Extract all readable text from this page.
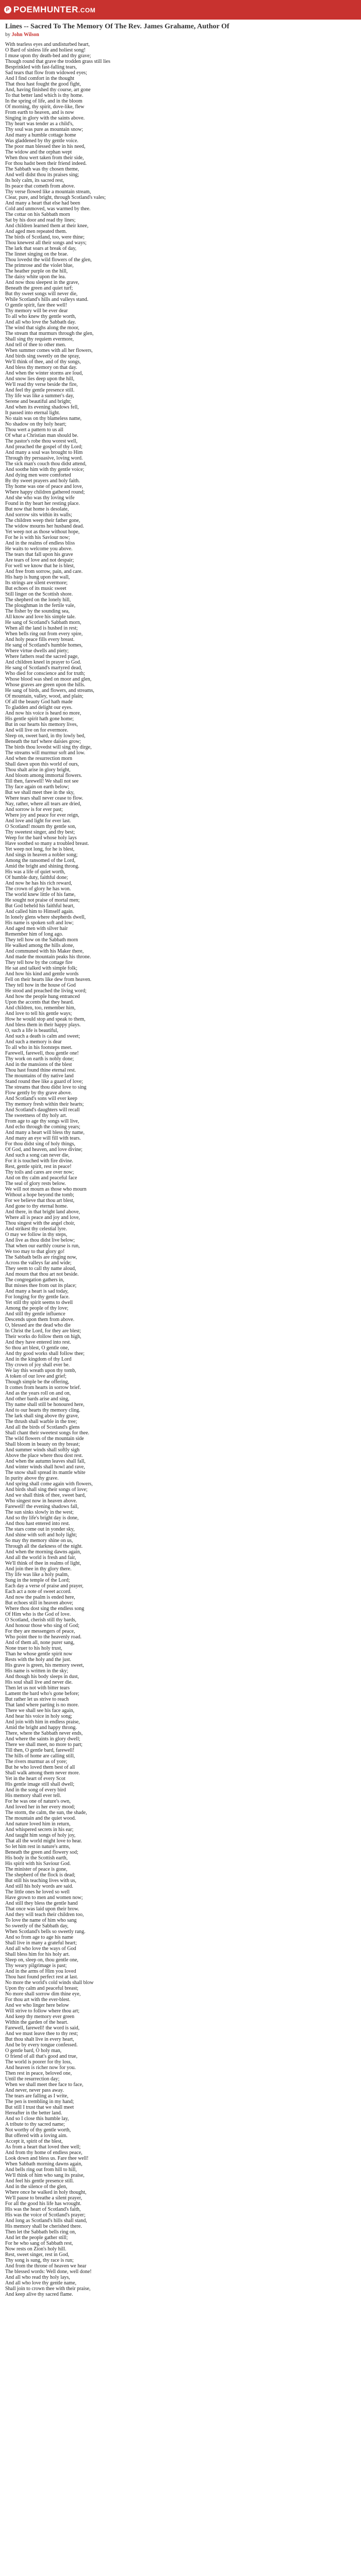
P POEMHUNTER.COM
Lines -- Sacred To The Memory Of The Rev. James Grahame, Author Of
by John Wilson
With tearless eyes and undisturbed heart,
O Bard of sinless life and holiest song!
I muse upon thy death-bed and thy grave;
Though round that grave the trodden grass still lies
Besprinkled with fast-falling tears,
Sad tears that flow from widowed eyes;
And I find comfort in the thought
That thou hast fought the good fight,
And, having finished thy course, art gone
To that better land which is thy home.
In the spring of life, and in the bloom
Of morning, thy spirit, dove-like, flew
From earth to heaven, and is now
Singing in glory with the saints above.
Thy heart was tender as a child's,
Thy soul was pure as mountain snow;
And many a humble cottage home
Was gladdened by thy gentle voice.
The poor man blessed thee in his need,
The widow and the orphan wept
When thou wert taken from their side,
For thou hadst been their friend indeed.
The Sabbath was thy chosen theme,
And well didst thou its praises sing;
Its holy calm, its sacred rest,
Its peace that cometh from above.
Thy verse flowed like a mountain stream,
Clear, pure, and bright, through Scotland's vales;
And many a heart that else had been
Cold and unmoved, was warmed by thee.
The cottar on his Sabbath morn
Sat by his door and read thy lines;
And children learned them at their knee,
And aged men repeated them.
The birds of Scotland, too, were thine;
Thou knewest all their songs and ways;
The lark that soars at break of day,
The linnet singing on the brae.
Thou lovedst the wild flowers of the glen,
The primrose and the violet blue,
The heather purple on the hill,
The daisy white upon the lea.
And now thou sleepest in the grave,
Beneath the green and quiet turf;
But thy sweet songs will never die,
While Scotland's hills and valleys stand.
O gentle spirit, fare thee well!
Thy memory will be ever dear
To all who knew thy gentle worth,
And all who love the Sabbath day.
The wind that sighs along the moor,
The stream that murmurs through the glen,
Shall sing thy requiem evermore,
And tell of thee to other men.
When summer comes with all her flowers,
And birds sing sweetly on the spray,
We'll think of thee, and of thy songs,
And bless thy memory on that day.
And when the winter storms are loud,
And snow lies deep upon the hill,
We'll read thy verse beside the fire,
And feel thy gentle presence still.
Thy life was like a summer's day,
Serene and beautiful and bright;
And when its evening shadows fell,
It passed into eternal light.
No stain was on thy blameless name,
No shadow on thy holy heart;
Thou wert a pattern to us all
Of what a Christian man should be.
The pastor's robe thou worest well,
And preached the gospel of thy Lord;
And many a soul was brought to Him
Through thy persuasive, loving word.
The sick man's couch thou didst attend,
And soothe him with thy gentle voice;
And dying men were comforted
By thy sweet prayers and holy faith.
Thy home was one of peace and love,
Where happy children gathered round;
And she who was thy loving wife
Found in thy heart her resting place.
But now that home is desolate,
And sorrow sits within its walls;
The children weep their father gone,
The widow mourns her husband dead.
Yet weep not as those without hope,
For he is with his Saviour now;
And in the realms of endless bliss
He waits to welcome you above.
The tears that fall upon his grave
Are tears of love and not despair;
For well we know that he is blest,
And free from sorrow, pain, and care.
His harp is hung upon the wall,
Its strings are silent evermore;
But echoes of its music sweet
Still linger on the Scottish shore.
The shepherd on the lonely hill,
The ploughman in the fertile vale,
The fisher by the sounding sea,
All know and love his simple tale.
He sang of Scotland's Sabbath morn,
When all the land is hushed in rest;
When bells ring out from every spire,
And holy peace fills every breast.
He sang of Scotland's humble homes,
Where virtue dwells and piety;
Where fathers read the sacred page,
And children kneel in prayer to God.
He sang of Scotland's martyred dead,
Who died for conscience and for truth;
Whose blood was shed on moor and glen,
Whose graves are green upon the hills.
He sang of birds, and flowers, and streams,
Of mountain, valley, wood, and plain;
Of all the beauty God hath made
To gladden and delight our eyes.
And now his voice is heard no more,
His gentle spirit hath gone home;
But in our hearts his memory lives,
And will live on for evermore.
Sleep on, sweet bard, in thy lowly bed,
Beneath the turf where daisies grow;
The birds thou lovedst will sing thy dirge,
The streams will murmur soft and low.
And when the resurrection morn
Shall dawn upon this world of ours,
Thou shalt arise in glory bright,
And bloom among immortal flowers.
Till then, farewell! We shall not see
Thy face again on earth below;
But we shall meet thee in the sky,
Where tears shall never cease to flow.
Nay, rather, where all tears are dried,
And sorrow is for ever past;
Where joy and peace for ever reign,
And love and light for ever last.
O Scotland! mourn thy gentle son,
Thy sweetest singer, and thy best;
Weep for the bard whose holy lays
Have soothed so many a troubled breast.
Yet weep not long, for he is blest,
And sings in heaven a nobler song;
Among the ransomed of the Lord,
Amid the bright and shining throng.
His was a life of quiet worth,
Of humble duty, faithful done;
And now he has his rich reward,
The crown of glory he has won.
The world knew little of his fame,
He sought not praise of mortal men;
But God beheld his faithful heart,
And called him to Himself again.
In lonely glens where shepherds dwell,
His name is spoken soft and low;
And aged men with silver hair
Remember him of long ago.
They tell how on the Sabbath morn
He walked among the hills alone,
And communed with his Maker there,
And made the mountain peaks his throne.
They tell how by the cottage fire
He sat and talked with simple folk;
And how his kind and gentle words
Fell on their hearts like dew from heaven.
They tell how in the house of God
He stood and preached the living word;
And how the people hung entranced
Upon the accents that they heard.
And children, too, remember him,
And love to tell his gentle ways;
How he would stop and speak to them,
And bless them in their happy plays.
O, such a life is beautiful,
And such a death is calm and sweet;
And such a memory is dear
To all who in his footsteps meet.
Farewell, farewell, thou gentle one!
Thy work on earth is nobly done;
And in the mansions of the blest
Thou hast found thine eternal rest.
The mountains of thy native land
Stand round thee like a guard of love;
The streams that thou didst love to sing
Flow gently by thy grave above.
And Scotland's sons will ever keep
Thy memory fresh within their hearts;
And Scotland's daughters will recall
The sweetness of thy holy art.
From age to age thy songs will live,
And echo through the coming years;
And many a heart will bless thy name,
And many an eye will fill with tears.
For thou didst sing of holy things,
Of God, and heaven, and love divine;
And such a song can never die,
For it is touched with fire divine.
Rest, gentle spirit, rest in peace!
Thy toils and cares are over now;
And on thy calm and peaceful face
The seal of glory rests below.
We will not mourn as those who mourn
Without a hope beyond the tomb;
For we believe that thou art blest,
And gone to thy eternal home.
And there, in that bright land above,
Where all is peace and joy and love,
Thou singest with the angel choir,
And strikest thy celestial lyre.
O may we follow in thy steps,
And live as thou didst live below;
That when our earthly course is run,
We too may to that glory go!
The Sabbath bells are ringing now,
Across the valleys far and wide;
They seem to call thy name aloud,
And mourn that thou art not beside.
The congregation gathers in,
But misses thee from out its place;
And many a heart is sad today,
For longing for thy gentle face.
Yet still thy spirit seems to dwell
Among the people of thy love;
And still thy gentle influence
Descends upon them from above.
O, blessed are the dead who die
In Christ the Lord, for they are blest;
Their works do follow them on high,
And they have entered into rest.
So thou art blest, O gentle one,
And thy good works shall follow thee;
And in the kingdom of thy Lord
Thy crown of joy shall ever be.
We lay this wreath upon thy tomb,
A token of our love and grief;
Though simple be the offering,
It comes from hearts in sorrow brief.
And as the years roll on and on,
And other bards arise and sing,
Thy name shall still be honoured here,
And to our hearts thy memory cling.
The lark shall sing above thy grave,
The thrush shall warble in the tree;
And all the birds of Scotland's glens
Shall chant their sweetest songs for thee.
The wild flowers of the mountain side
Shall bloom in beauty on thy breast;
And summer winds shall softly sigh
Above the place where thou dost rest.
And when the autumn leaves shall fall,
And winter winds shall howl and rave,
The snow shall spread its mantle white
In purity above thy grave.
And spring shall come again with flowers,
And birds shall sing their songs of love;
And we shall think of thee, sweet bard,
Who singest now in heaven above.
Farewell! the evening shadows fall,
The sun sinks slowly in the west;
And so thy life's bright day is done,
And thou hast entered into rest.
The stars come out in yonder sky,
And shine with soft and holy light;
So may thy memory shine on us,
Through all the darkness of the night.
And when the morning dawns again,
And all the world is fresh and fair,
We'll think of thee in realms of light,
And join thee in thy glory there.
Thy life was like a holy psalm,
Sung in the temple of the Lord;
Each day a verse of praise and prayer,
Each act a note of sweet accord.
And now the psalm is ended here,
But echoes still in heaven above;
Where thou dost sing the endless song
Of Him who is the God of love.
O Scotland, cherish still thy bards,
And honour those who sing of God;
For they are messengers of peace,
Who point thee to the heavenly road.
And of them all, none purer sang,
None truer to his holy trust,
Than he whose gentle spirit now
Rests with the holy and the just.
His grave is green, his memory sweet,
His name is written in the sky;
And though his body sleeps in dust,
His soul shall live and never die.
Then let us not with bitter tears
Lament the bard who's gone before;
But rather let us strive to reach
That land where parting is no more.
There we shall see his face again,
And hear his voice in holy song;
And join with him in endless praise,
Amid the bright and happy throng.
There, where the Sabbath never ends,
And where the saints in glory dwell;
There we shall meet, no more to part;
Till then, O gentle bard, farewell!
The hills of home are calling still,
The rivers murmur as of yore;
But he who loved them best of all
Shall walk among them never more.
Yet in the heart of every Scot
His gentle image still shall dwell;
And in the song of every bird
His memory shall ever tell.
For he was one of nature's own,
And loved her in her every mood;
The storm, the calm, the sun, the shade,
The mountain and the quiet wood.
And nature loved him in return,
And whispered secrets in his ear;
And taught him songs of holy joy,
That all the world might love to hear.
So let him rest in nature's arms,
Beneath the green and flowery sod;
His body in the Scottish earth,
His spirit with his Saviour God.
The minister of peace is gone,
The shepherd of the flock is dead;
But still his teaching lives with us,
And still his holy words are said.
The little ones he loved so well
Have grown to men and women now;
And still they bless the gentle hand
That once was laid upon their brow.
And they will teach their children too,
To love the name of him who sang
So sweetly of the Sabbath day,
When Scotland's bells so sweetly rang.
And so from age to age his name
Shall live in many a grateful heart;
And all who love the ways of God
Shall bless him for his holy art.
Sleep on, sleep on, thou gentle one,
Thy weary pilgrimage is past;
And in the arms of Him you loved
Thou hast found perfect rest at last.
No more the world's cold winds shall blow
Upon thy calm and peaceful breast;
No more shall sorrow dim thine eye,
For thou art with the ever-blest.
And we who linger here below
Will strive to follow where thou art;
And keep thy memory ever green
Within the garden of the heart.
Farewell, farewell! the word is said,
And we must leave thee to thy rest;
But thou shalt live in every heart,
And be by every tongue confessed.
O gentle bard, O holy man,
O friend of all that's good and true,
The world is poorer for thy loss,
And heaven is richer now for you.
Then rest in peace, beloved one,
Until the resurrection day;
When we shall meet thee face to face,
And never, never pass away.
The tears are falling as I write,
The pen is trembling in my hand;
But still I trust that we shall meet
Hereafter in the better land.
And so I close this humble lay,
A tribute to thy sacred name;
Not worthy of thy gentle worth,
But offered with a loving aim.
Accept it, spirit of the blest,
As from a heart that loved thee well;
And from thy home of endless peace,
Look down and bless us. Fare thee well!
When Sabbath morning dawns again,
And bells ring out from hill to hill,
We'll think of him who sang its praise,
And feel his gentle presence still.
And in the silence of the glen,
Where once he walked in holy thought,
We'll pause to breathe a silent prayer,
For all the good his life has wrought.
His was the heart of Scotland's faith,
His was the voice of Scotland's prayer;
And long as Scotland's hills shall stand,
His memory shall be cherished there.
Then let the Sabbath bells ring on,
And let the people gather still;
For he who sang of Sabbath rest,
Now rests on Zion's holy hill.
Rest, sweet singer, rest in God,
Thy song is sung, thy race is run;
And from the throne of heaven we hear
The blessed words: Well done, well done!
And all who read thy holy lays,
And all who love thy gentle name,
Shall join to crown thee with their praise,
And keep alive thy sacred flame.
